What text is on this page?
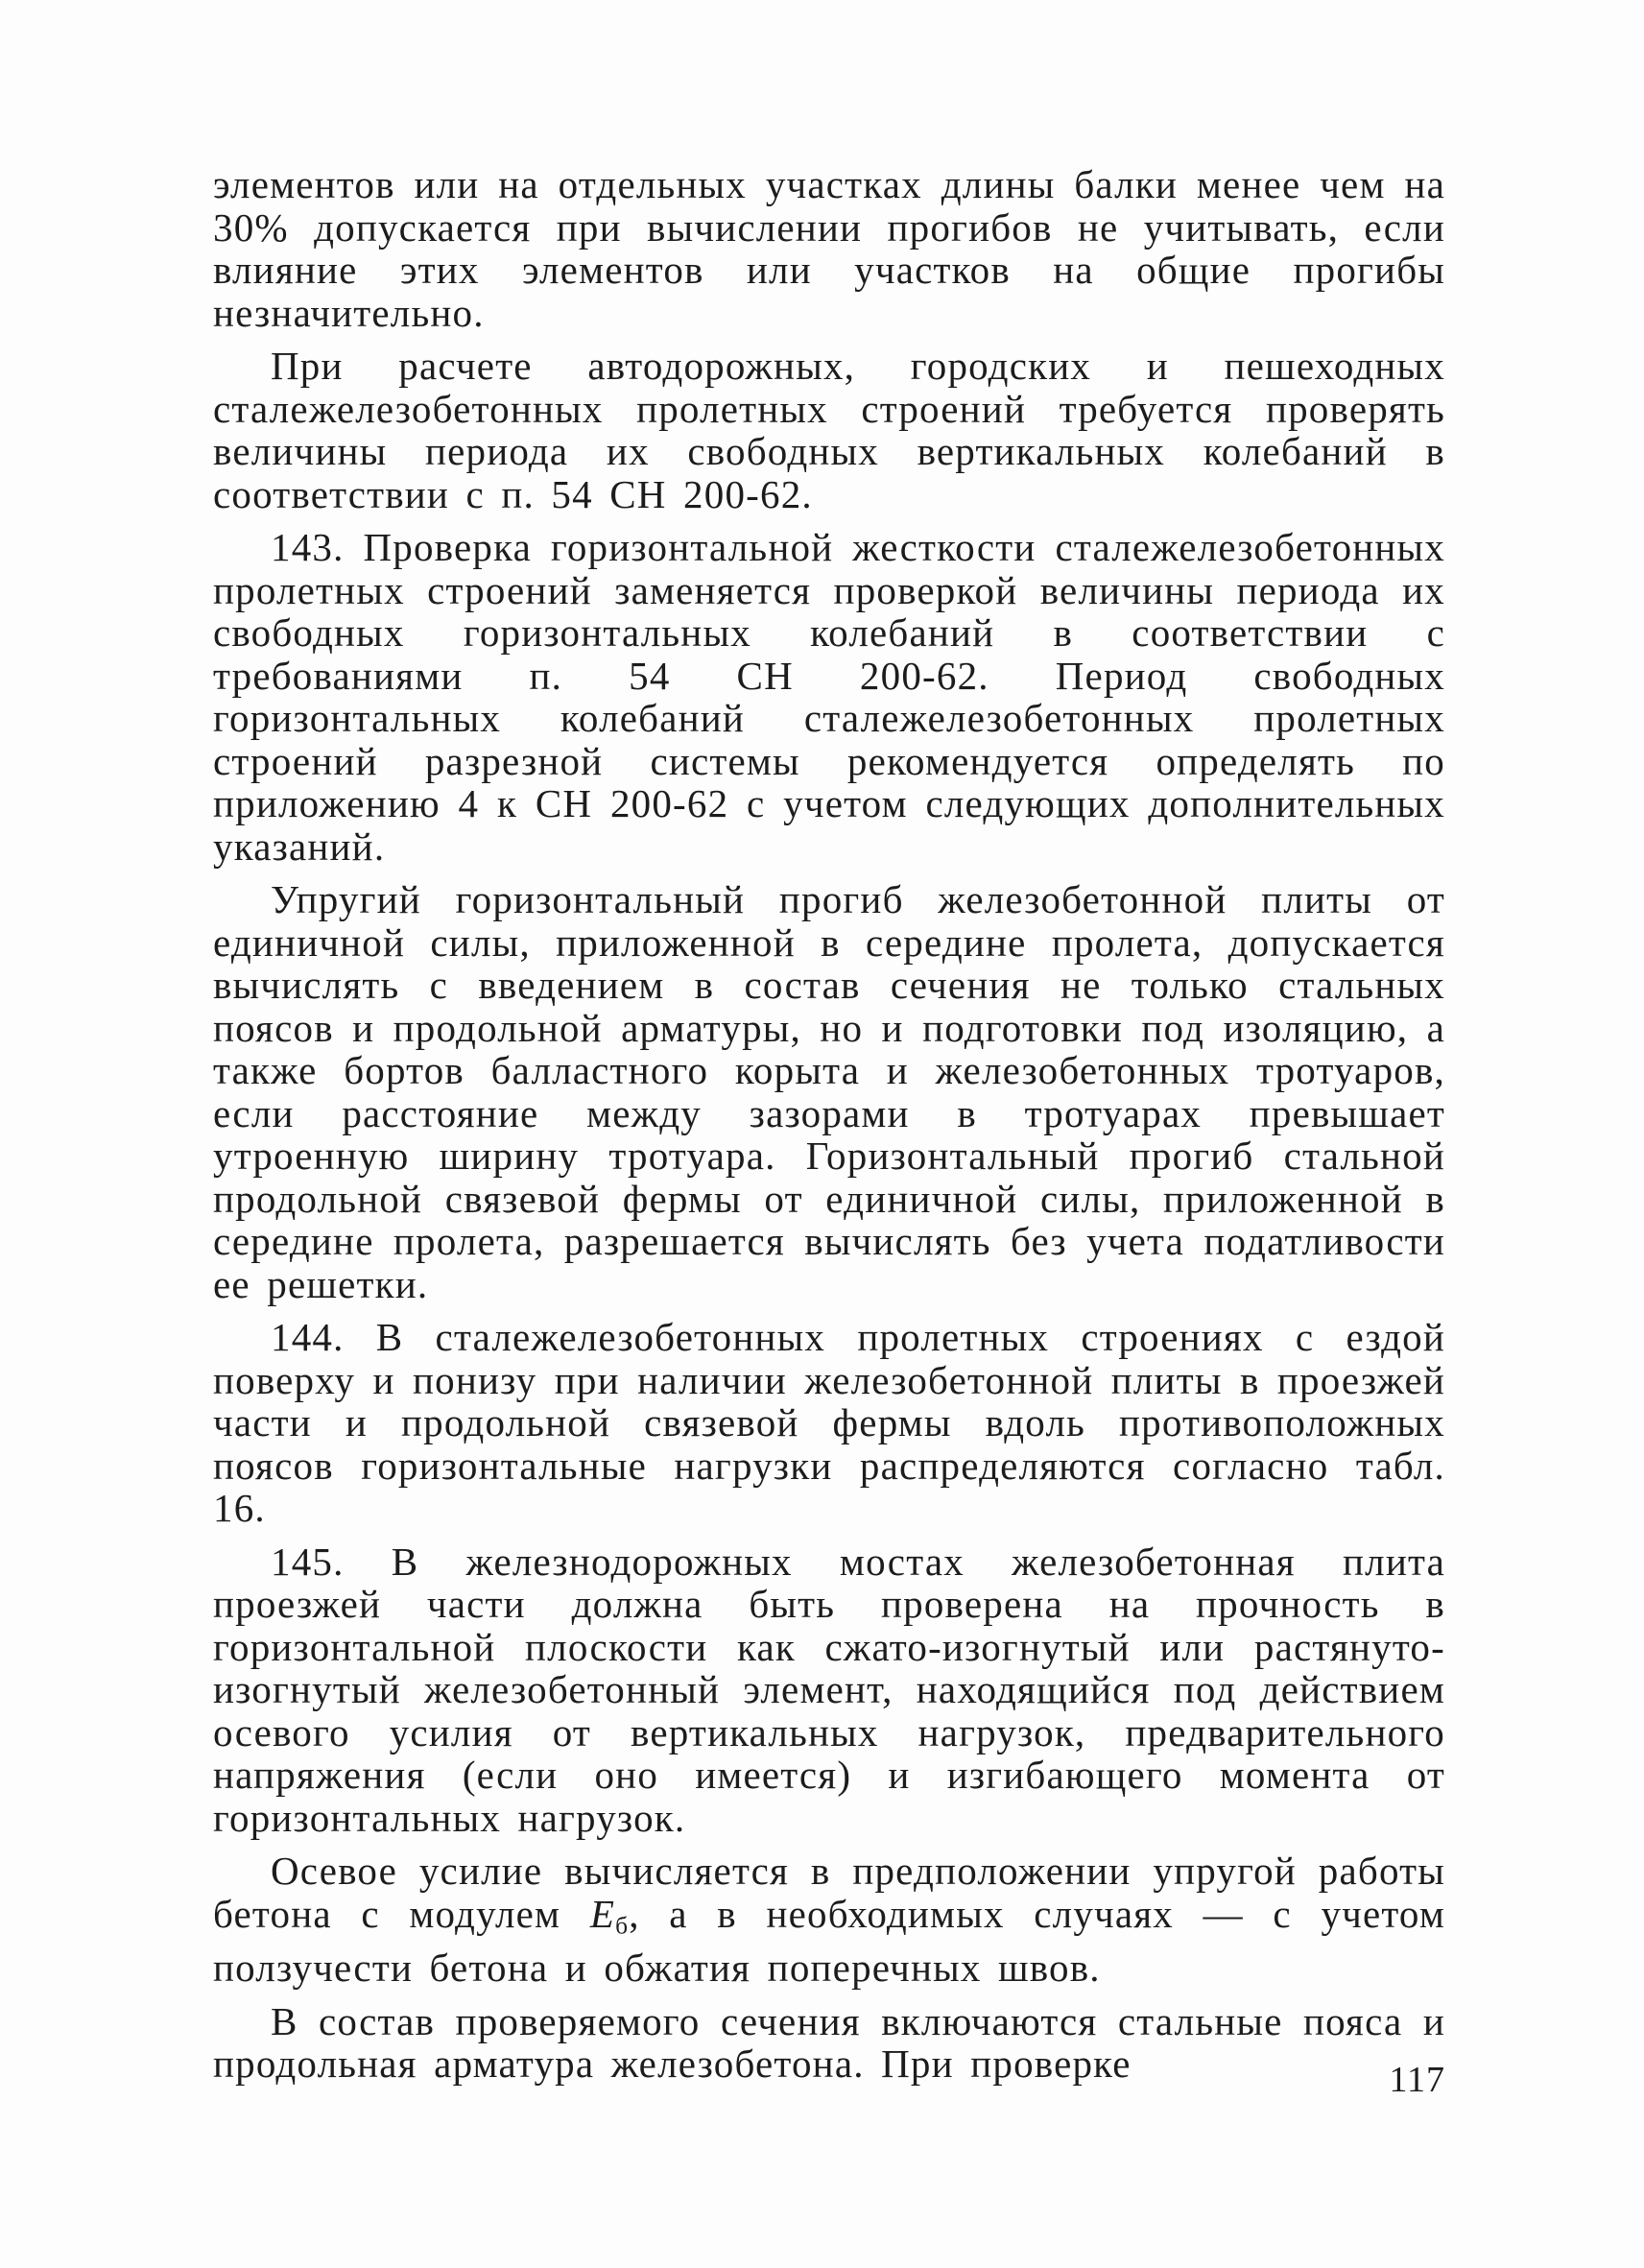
элементов или на отдельных участках длины балки менее чем на 30% допускается при вычислении прогибов не учитывать, если влияние этих элементов или участков на общие прогибы незначительно.

При расчете автодорожных, городских и пешеходных сталежелезобетонных пролетных строений требуется проверять величины периода их свободных вертикальных колебаний в соответствии с п. 54 СН 200-62.

143. Проверка горизонтальной жесткости сталежелезобетонных пролетных строений заменяется проверкой величины периода их свободных горизонтальных колебаний в соответствии с требованиями п. 54 СН 200-62. Период свободных горизонтальных колебаний сталежелезобетонных пролетных строений разрезной системы рекомендуется определять по приложению 4 к СН 200-62 с учетом следующих дополнительных указаний.

Упругий горизонтальный прогиб железобетонной плиты от единичной силы, приложенной в середине пролета, допускается вычислять с введением в состав сечения не только стальных поясов и продольной арматуры, но и подготовки под изоляцию, а также бортов балластного корыта и железобетонных тротуаров, если расстояние между зазорами в тротуарах превышает утроенную ширину тротуара. Горизонтальный прогиб стальной продольной связевой фермы от единичной силы, приложенной в середине пролета, разрешается вычислять без учета податливости ее решетки.

144. В сталежелезобетонных пролетных строениях с ездой поверху и понизу при наличии железобетонной плиты в проезжей части и продольной связевой фермы вдоль противоположных поясов горизонтальные нагрузки распределяются согласно табл. 16.

145. В железнодорожных мостах железобетонная плита проезжей части должна быть проверена на прочность в горизонтальной плоскости как сжато-изогнутый или растянуто-изогнутый железобетонный элемент, находящийся под действием осевого усилия от вертикальных нагрузок, предварительного напряжения (если оно имеется) и изгибающего момента от горизонтальных нагрузок.

Осевое усилие вычисляется в предположении упругой работы бетона с модулем $E_б$, а в необходимых случаях — с учетом ползучести бетона и обжатия поперечных швов.

В состав проверяемого сечения включаются стальные пояса и продольная арматура железобетона. При проверке	117
